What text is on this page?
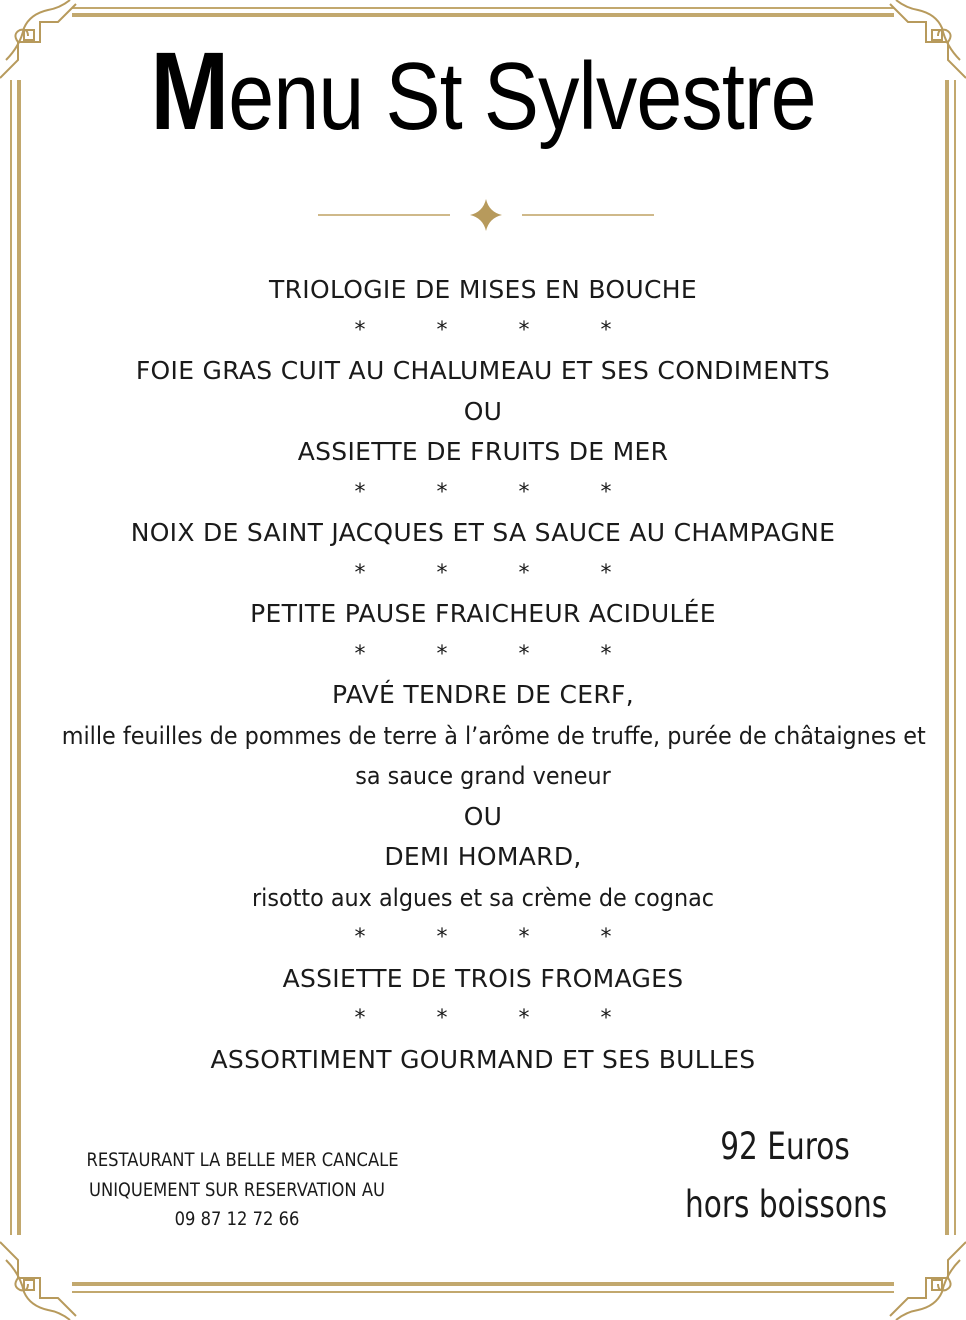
Menu St Sylvestre
TRIOLOGIE DE MISES EN BOUCHE
*	*	*	*
FOIE GRAS CUIT AU CHALUMEAU ET SES CONDIMENTS
OU
ASSIETTE DE FRUITS DE MER
*	*	*	*
NOIX DE SAINT JACQUES ET SA SAUCE AU CHAMPAGNE
*	*	*	*
PETITE PAUSE FRAICHEUR ACIDULÉE
*	*	*	*
PAVÉ TENDRE DE CERF,
mille feuilles de pommes de terre à l’arôme de truffe, purée de châtaignes et
sa sauce grand veneur
OU
DEMI HOMARD,
risotto aux algues et sa crème de cognac
*	*	*	*
ASSIETTE DE TROIS FROMAGES
*	*	*	*
ASSORTIMENT GOURMAND ET SES BULLES
RESTAURANT LA BELLE MER CANCALE
UNIQUEMENT SUR RESERVATION AU
09 87 12 72 66
92 Euros
hors boissons
